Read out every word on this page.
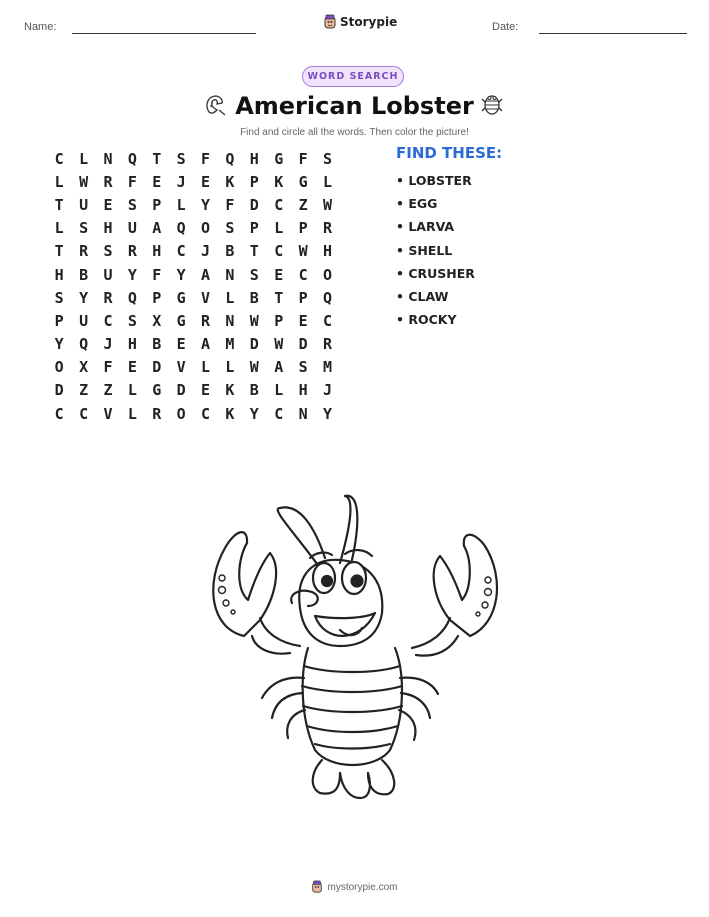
Name:	Storypie	Date:
WORD SEARCH
American Lobster
Find and circle all the words. Then color the picture!
C	L	N	Q	T	S	F	Q	H	G	F	S
L	W	R	F	E	J	E	K	P	K	G	L
T	U	E	S	P	L	Y	F	D	C	Z	W
L	S	H	U	A	Q	O	S	P	L	P	R
T	R	S	R	H	C	J	B	T	C	W	H
H	B	U	Y	F	Y	A	N	S	E	C	O
S	Y	R	Q	P	G	V	L	B	T	P	Q
P	U	C	S	X	G	R	N	W	P	E	C
Y	Q	J	H	B	E	A	M	D	W	D	R
O	X	F	E	D	V	L	L	W	A	S	M
D	Z	Z	L	G	D	E	K	B	L	H	J
C	C	V	L	R	O	C	K	Y	C	N	Y
FIND THESE:
• LOBSTER
• EGG
• LARVA
• SHELL
• CRUSHER
• CLAW
• ROCKY
mystorypie.com
